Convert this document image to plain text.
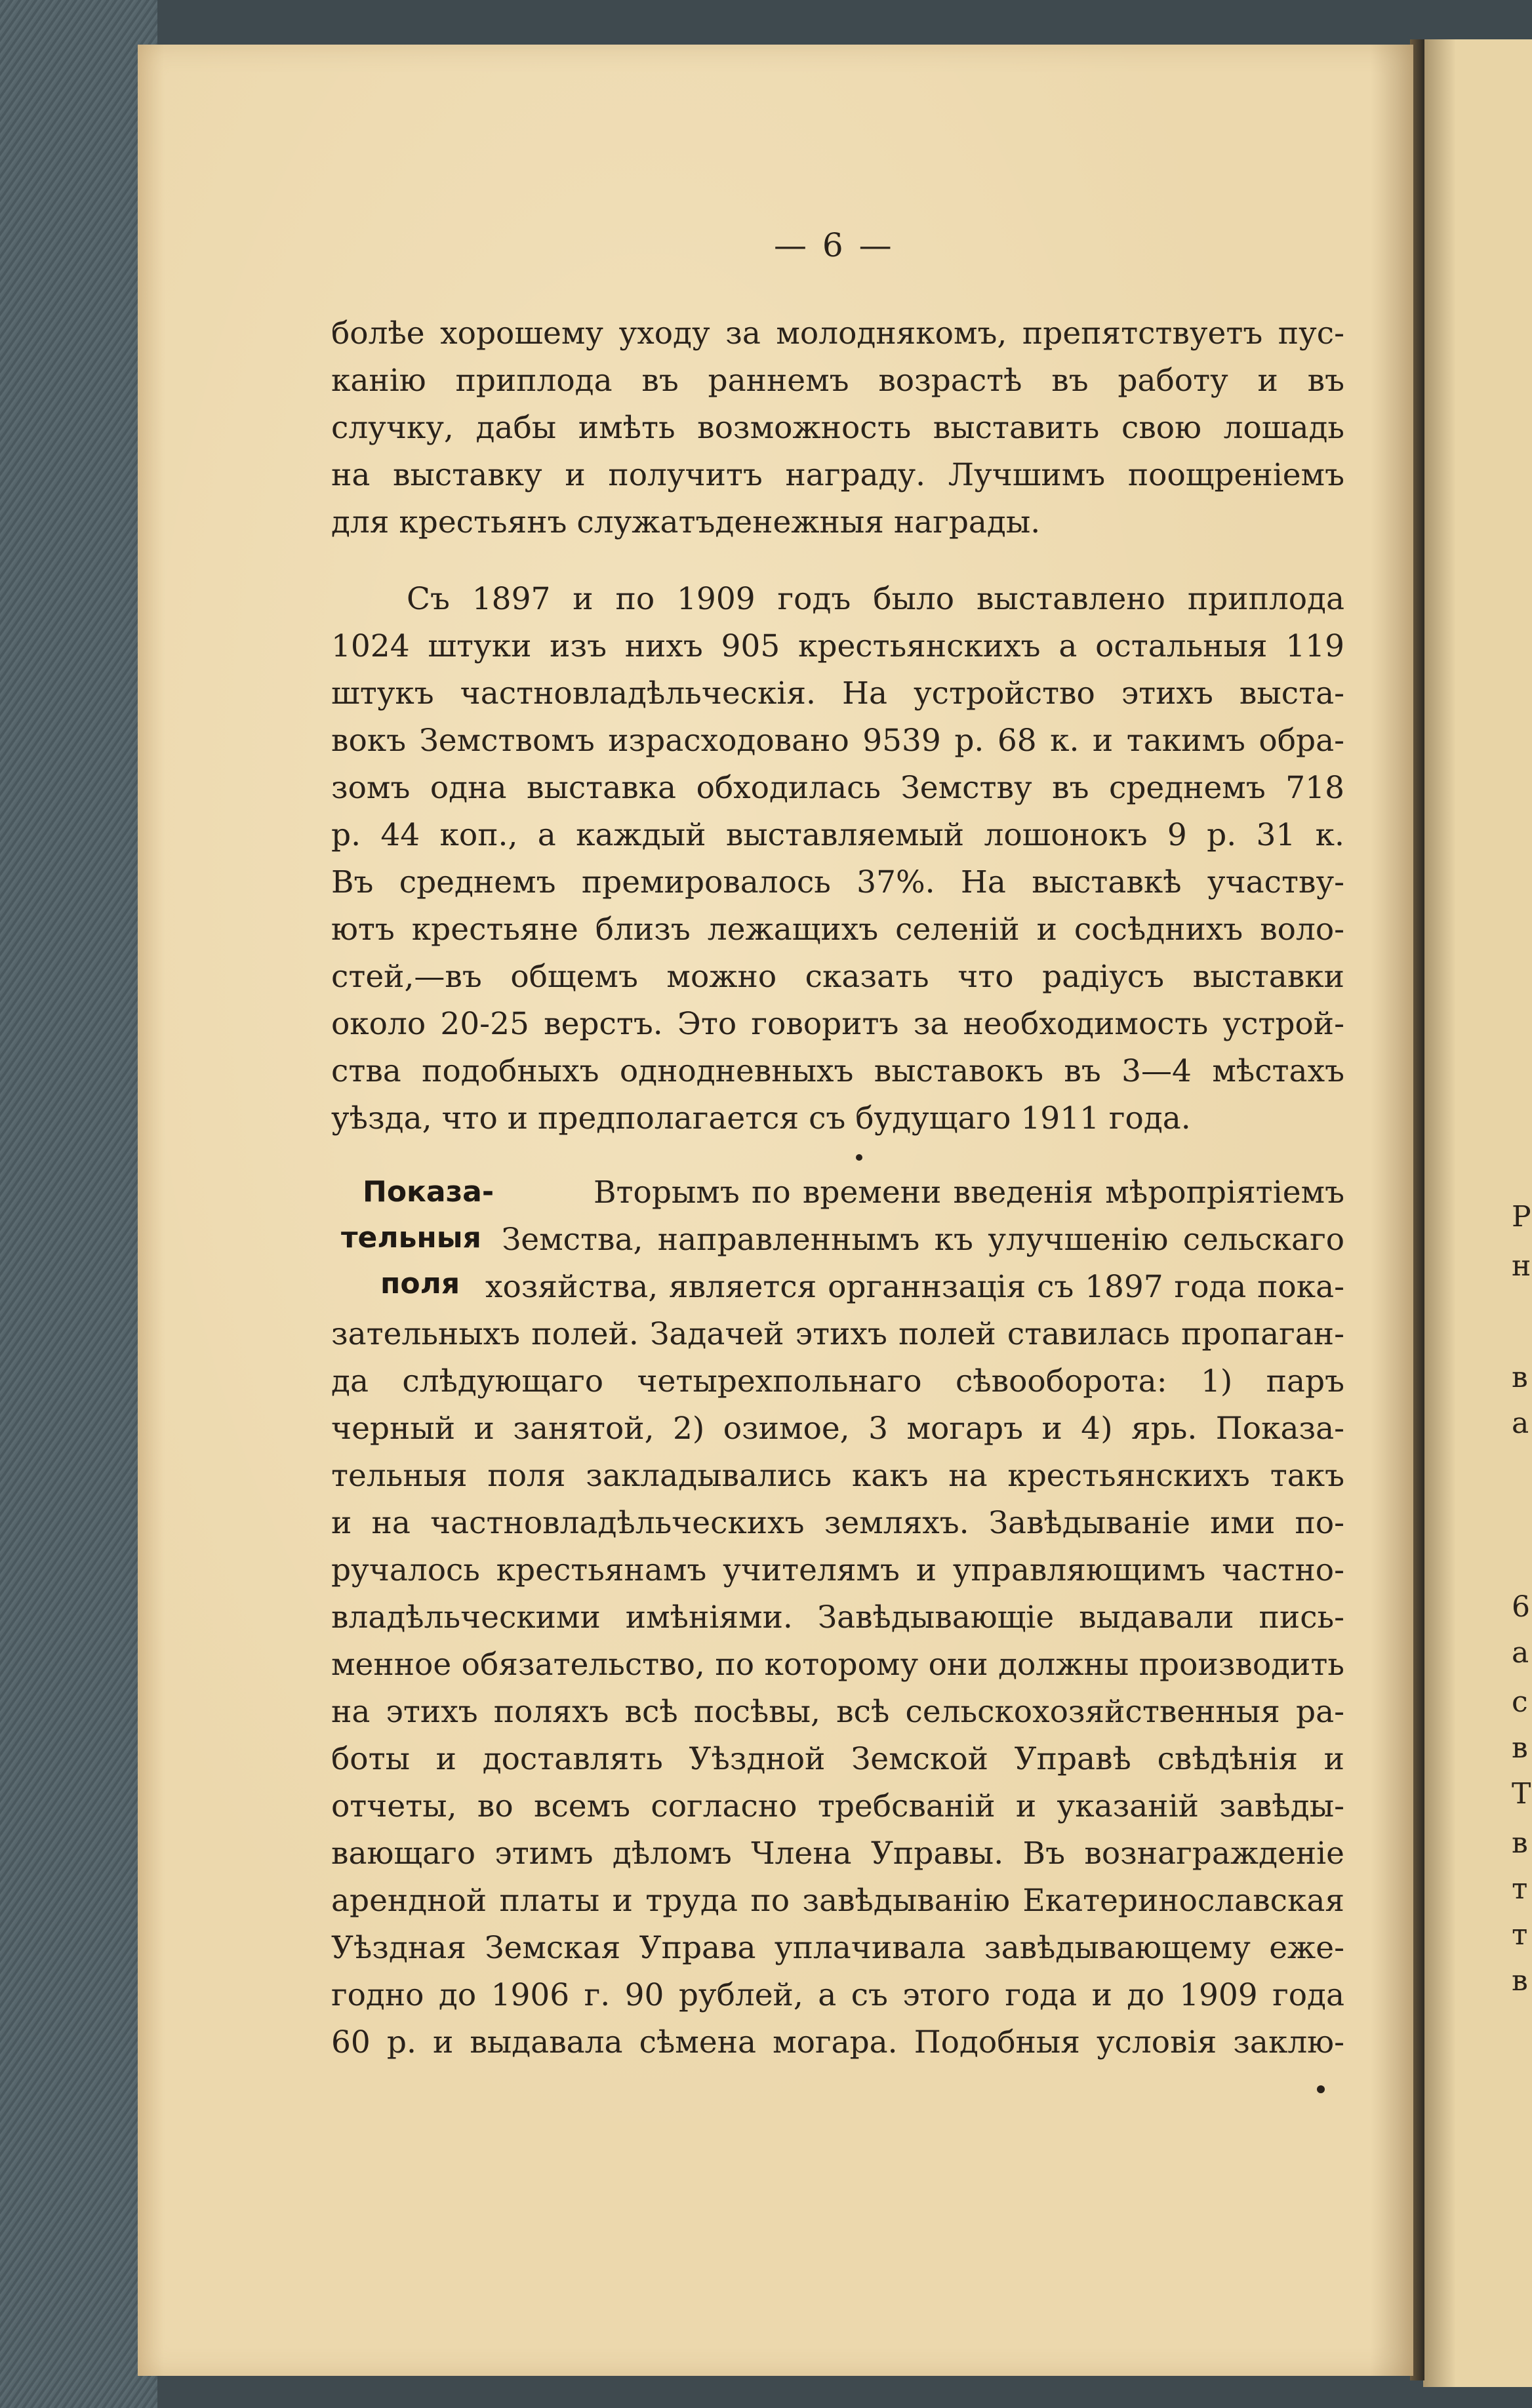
— 6 —
болѣе хорошему уходу за молоднякомъ, препятствуетъ пус-
канію приплода въ раннемъ возрастѣ въ работу и въ
случку, дабы имѣть возможность выставить свою лошадь
на выставку и получитъ награду. Лучшимъ поощреніемъ
для крестьянъ служатъденежныя награды.
Съ 1897 и по 1909 годъ было выставлено приплода
1024 штуки изъ нихъ 905 крестьянскихъ а остальныя 119
штукъ частновладѣльческія. На устройство этихъ выста-
вокъ Земствомъ израсходовано 9539 р. 68 к. и такимъ обра-
зомъ одна выставка обходилась Земству въ среднемъ 718
р. 44 коп., а каждый выставляемый лошонокъ 9 р. 31 к.
Въ среднемъ премировалось 37%. На выставкѣ участву-
ютъ крестьяне близъ лежащихъ селеній и сосѣднихъ воло-
стей,—въ общемъ можно сказать что радіусъ выставки
около 20-25 верстъ. Это говоритъ за необходимость устрой-
ства подобныхъ однодневныхъ выставокъ въ 3—4 мѣстахъ
уѣзда, что и предполагается съ будущаго 1911 года.
Показа-
тельныя
поля
Вторымъ по времени введенія мѣропріятіемъ
Земства, направленнымъ къ улучшенію сельскаго
хозяйства, является органнзація съ 1897 года пока-
зательныхъ полей. Задачей этихъ полей ставилась пропаган-
да слѣдующаго четырехпольнаго сѣвооборота: 1) паръ
черный и занятой, 2) озимое, 3 могаръ и 4) ярь. Показа-
тельныя поля закладывались какъ на крестьянскихъ такъ
и на частновладѣльческихъ земляхъ. Завѣдываніе ими по-
ручалось крестьянамъ учителямъ и управляющимъ частно-
владѣльческими имѣніями. Завѣдывающіе выдавали пись-
менное обязательство, по которому они должны производить
на этихъ поляхъ всѣ посѣвы, всѣ сельскохозяйственныя ра-
боты и доставлять Уѣздной Земской Управѣ свѣдѣнія и
отчеты, во всемъ согласно требсваній и указаній завѣды-
вающаго этимъ дѣломъ Члена Управы. Въ вознагражденіе
арендной платы и труда по завѣдыванію Екатеринославская
Уѣздная Земская Управа уплачивала завѣдывающему еже-
годно до 1906 г. 90 рублей, а съ этого года и до 1909 года
60 р. и выдавала сѣмена могара. Подобныя условія заклю-
Р
н
в
а
6
а
с
в
Т
в
т
т
в
